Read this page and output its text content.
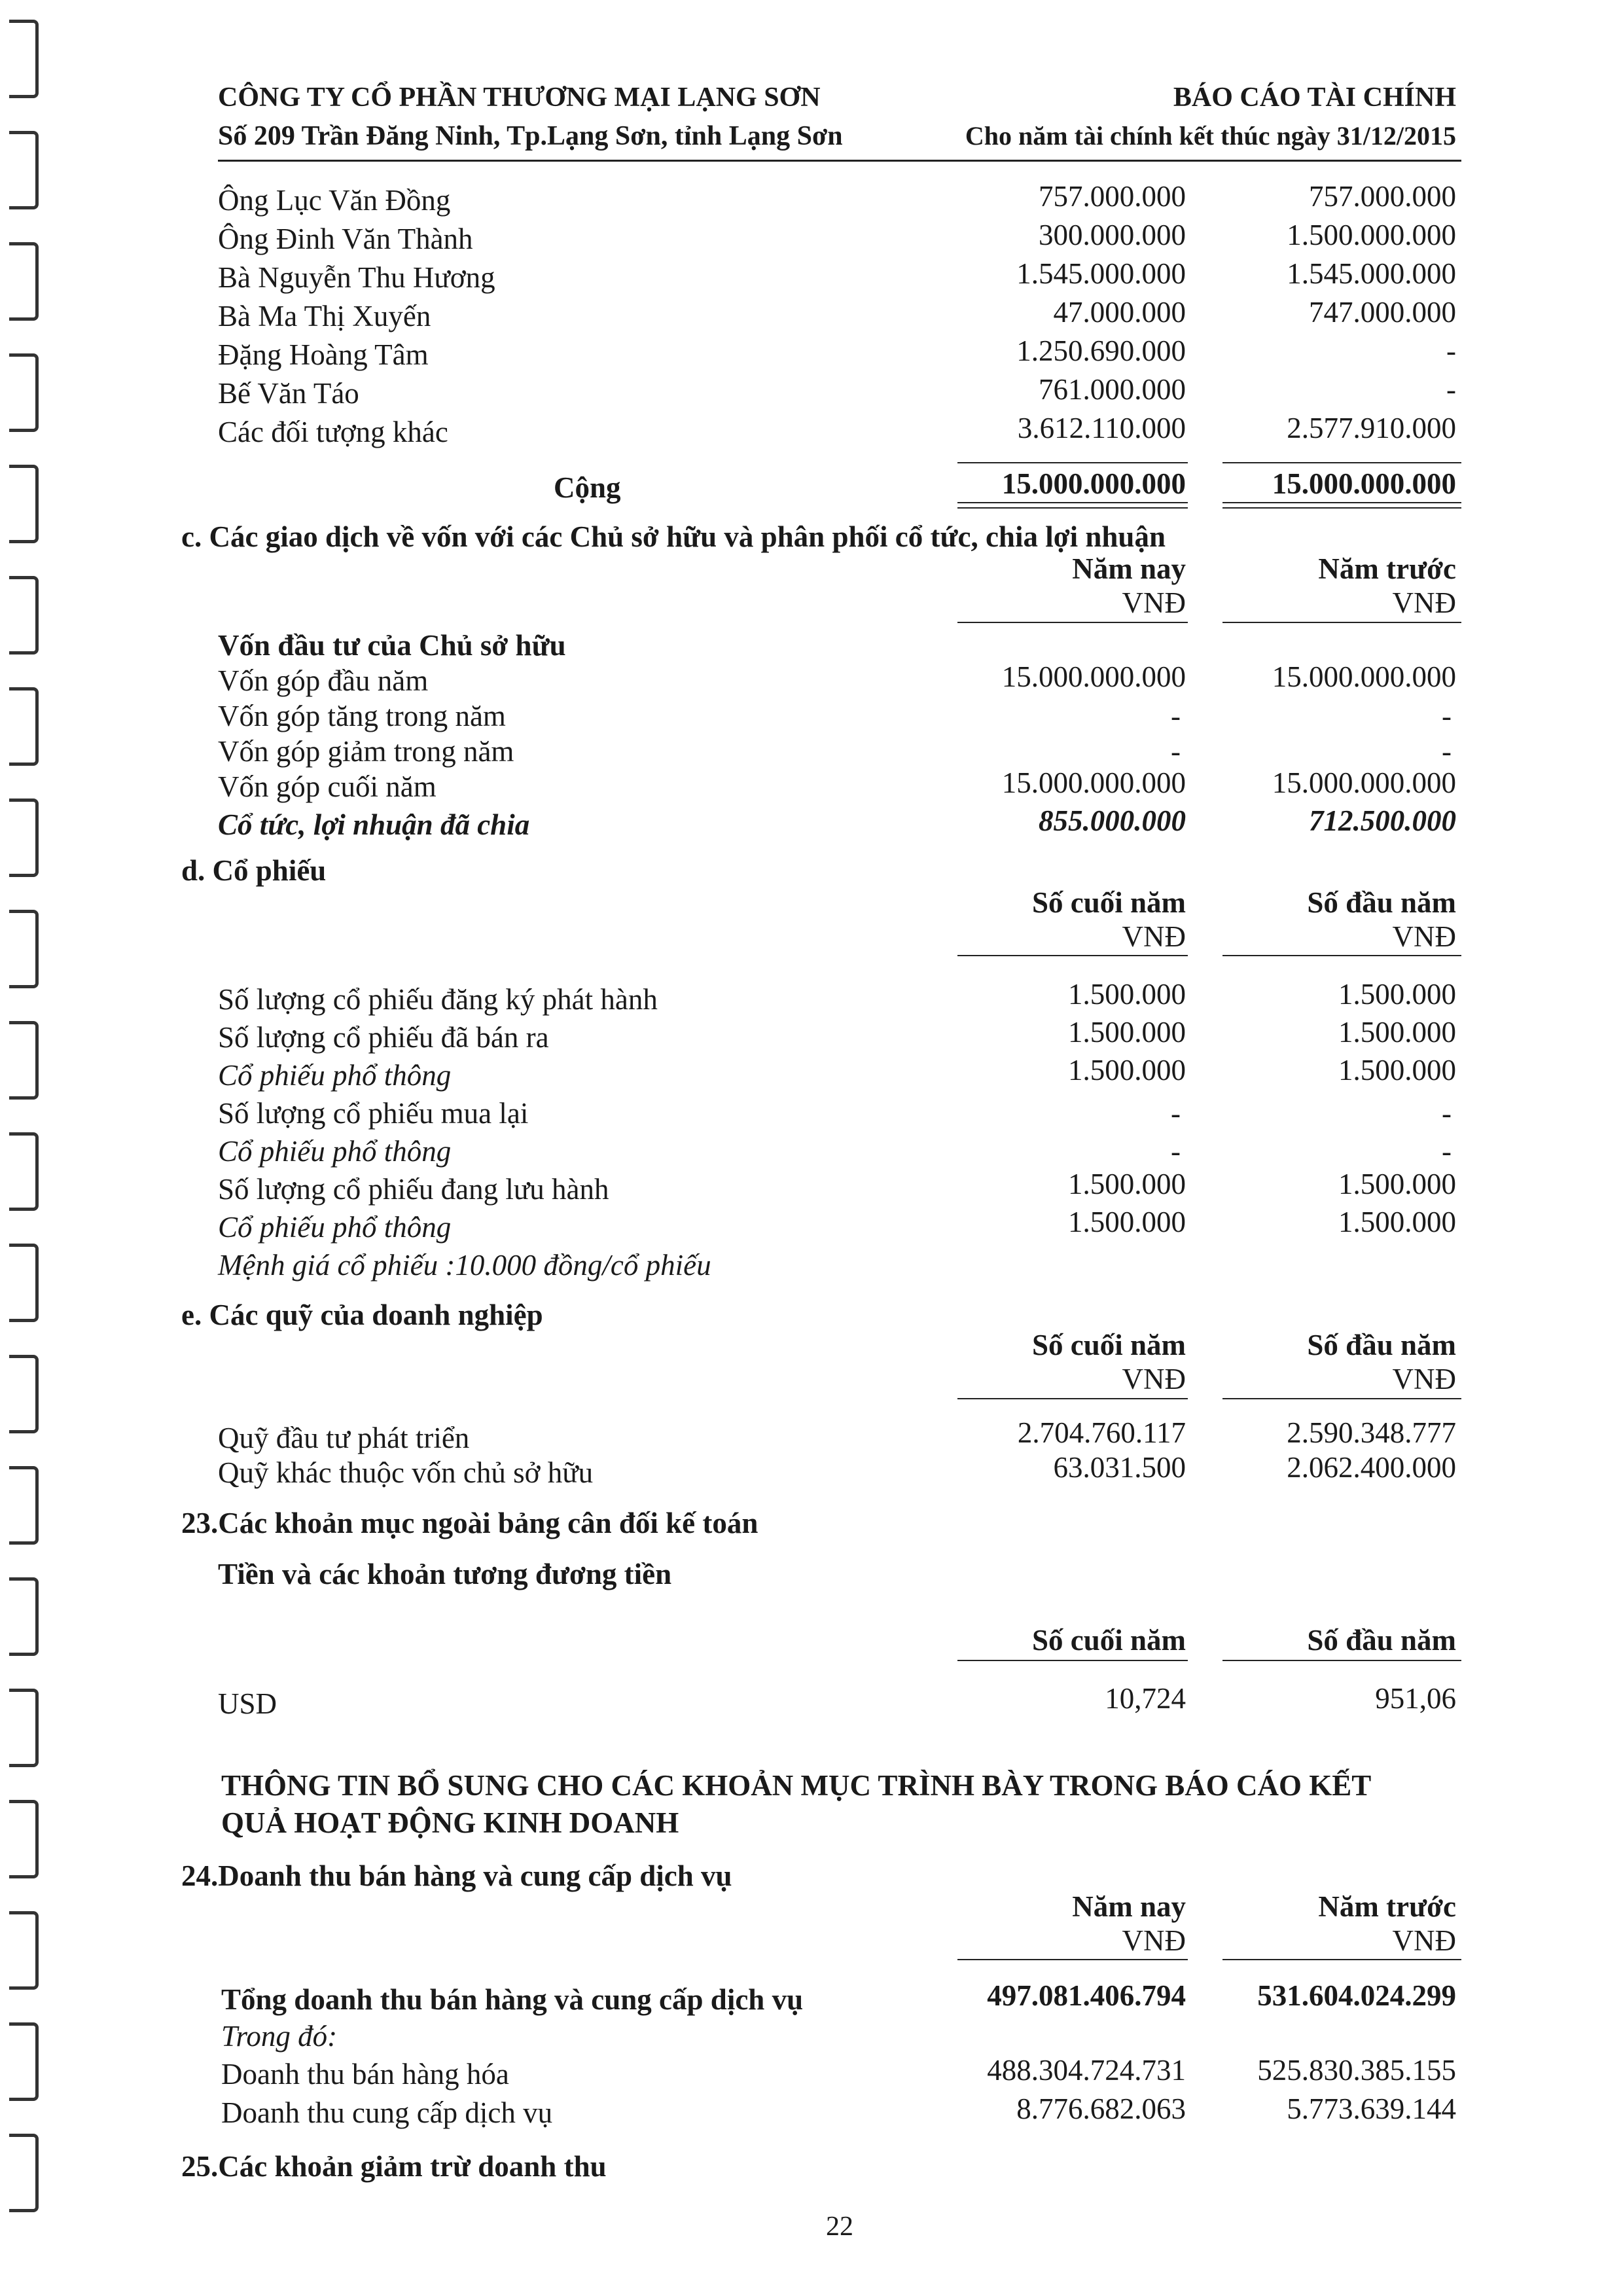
CÔNG TY CỔ PHẦN THƯƠNG MẠI LẠNG SƠN
Số 209 Trần Đăng Ninh, Tp.Lạng Sơn, tỉnh Lạng Sơn
BÁO CÁO TÀI CHÍNH
Cho năm tài chính kết thúc ngày 31/12/2015
Ông Lục Văn Đồng	757.000.000	757.000.000
Ông Đinh Văn Thành	300.000.000	1.500.000.000
Bà Nguyễn Thu Hương	1.545.000.000	1.545.000.000
Bà Ma Thị Xuyến	47.000.000	747.000.000
Đặng Hoàng Tâm	1.250.690.000	-
Bế Văn Táo	761.000.000	-
Các đối tượng khác	3.612.110.000	2.577.910.000
Cộng	15.000.000.000	15.000.000.000
c. Các giao dịch về vốn với các Chủ sở hữu và phân phối cổ tức, chia lợi nhuận
Năm nay	Năm trước
VNĐ	VNĐ
Vốn đầu tư của Chủ sở hữu
Vốn góp đầu năm	15.000.000.000	15.000.000.000
Vốn góp tăng trong năm	-	-
Vốn góp giảm trong năm	-	-
Vốn góp cuối năm	15.000.000.000	15.000.000.000
Cổ tức, lợi nhuận đã chia	855.000.000	712.500.000
d. Cổ phiếu
Số cuối năm	Số đầu năm
VNĐ	VNĐ
Số lượng cổ phiếu đăng ký phát hành	1.500.000	1.500.000
Số lượng cổ phiếu đã bán ra	1.500.000	1.500.000
Cổ phiếu phổ thông	1.500.000	1.500.000
Số lượng cổ phiếu mua lại	-	-
Cổ phiếu phổ thông	-	-
Số lượng cổ phiếu đang lưu hành	1.500.000	1.500.000
Cổ phiếu phổ thông	1.500.000	1.500.000
Mệnh giá cổ phiếu :10.000 đồng/cổ phiếu
e. Các quỹ của doanh nghiệp
Số cuối năm	Số đầu năm
VNĐ	VNĐ
Quỹ đầu tư phát triển	2.704.760.117	2.590.348.777
Quỹ khác thuộc vốn chủ sở hữu	63.031.500	2.062.400.000
23.Các khoản mục ngoài bảng cân đối kế toán
Tiền và các khoản tương đương tiền
Số cuối năm	Số đầu năm
USD	10,724	951,06
THÔNG TIN BỔ SUNG CHO CÁC KHOẢN MỤC TRÌNH BÀY TRONG BÁO CÁO KẾT
QUẢ HOẠT ĐỘNG KINH DOANH
24.Doanh thu bán hàng và cung cấp dịch vụ
Năm nay	Năm trước
VNĐ	VNĐ
Tổng doanh thu bán hàng và cung cấp dịch vụ	497.081.406.794 531.604.024.299
Trong đó:
Doanh thu bán hàng hóa	488.304.724.731 525.830.385.155
Doanh thu cung cấp dịch vụ	8.776.682.063	5.773.639.144
25.Các khoản giảm trừ doanh thu
22
